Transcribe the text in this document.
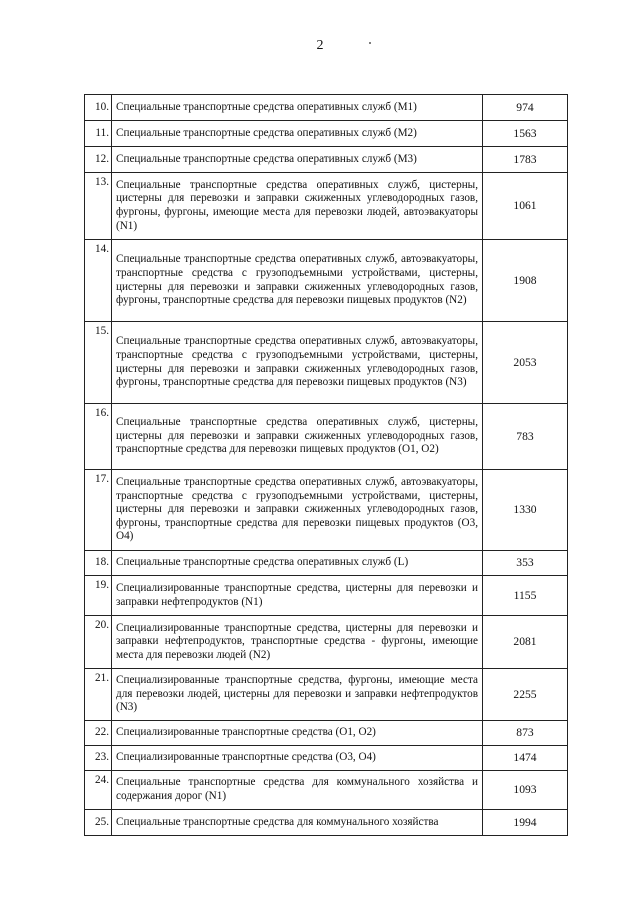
2
10.	Специальные транспортные средства оперативных служб (M1)	974
11.	Специальные транспортные средства оперативных служб (M2)	1563
12.	Специальные транспортные средства оперативных служб (M3)	1783
13.	Специальные транспортные средства оперативных служб, цистерны, цистерны для перевозки и заправки сжиженных углеводородных газов, фургоны, фургоны, имеющие места для перевозки людей, автоэвакуаторы (N1)	1061
14.	Специальные транспортные средства оперативных служб, автоэвакуаторы, транспортные средства с грузоподъемными устройствами, цистерны, цистерны для перевозки и заправки сжиженных углеводородных газов, фургоны, транспортные средства для перевозки пищевых продуктов (N2)	1908
15.	Специальные транспортные средства оперативных служб, автоэвакуаторы, транспортные средства с грузоподъемными устройствами, цистерны, цистерны для перевозки и заправки сжиженных углеводородных газов, фургоны, транспортные средства для перевозки пищевых продуктов (N3)	2053
16.	Специальные транспортные средства оперативных служб, цистерны, цистерны для перевозки и заправки сжиженных углеводородных газов, транспортные средства для перевозки пищевых продуктов (O1, O2)	783
17.	Специальные транспортные средства оперативных служб, автоэвакуаторы, транспортные средства с грузоподъемными устройствами, цистерны, цистерны для перевозки и заправки сжиженных углеводородных газов, фургоны, транспортные средства для перевозки пищевых продуктов (O3, O4)	1330
18.	Специальные транспортные средства оперативных служб (L)	353
19.	Специализированные транспортные средства, цистерны для перевозки и заправки нефтепродуктов (N1)	1155
20.	Специализированные транспортные средства, цистерны для перевозки и заправки нефтепродуктов, транспортные средства - фургоны, имеющие места для перевозки людей (N2)	2081
21.	Специализированные транспортные средства, фургоны, имеющие места для перевозки людей, цистерны для перевозки и заправки нефтепродуктов (N3)	2255
22.	Специализированные транспортные средства (O1, O2)	873
23.	Специализированные транспортные средства (O3, O4)	1474
24.	Специальные транспортные средства для коммунального хозяйства и содержания дорог (N1)	1093
25.	Специальные транспортные средства для коммунального хозяйства	1994
